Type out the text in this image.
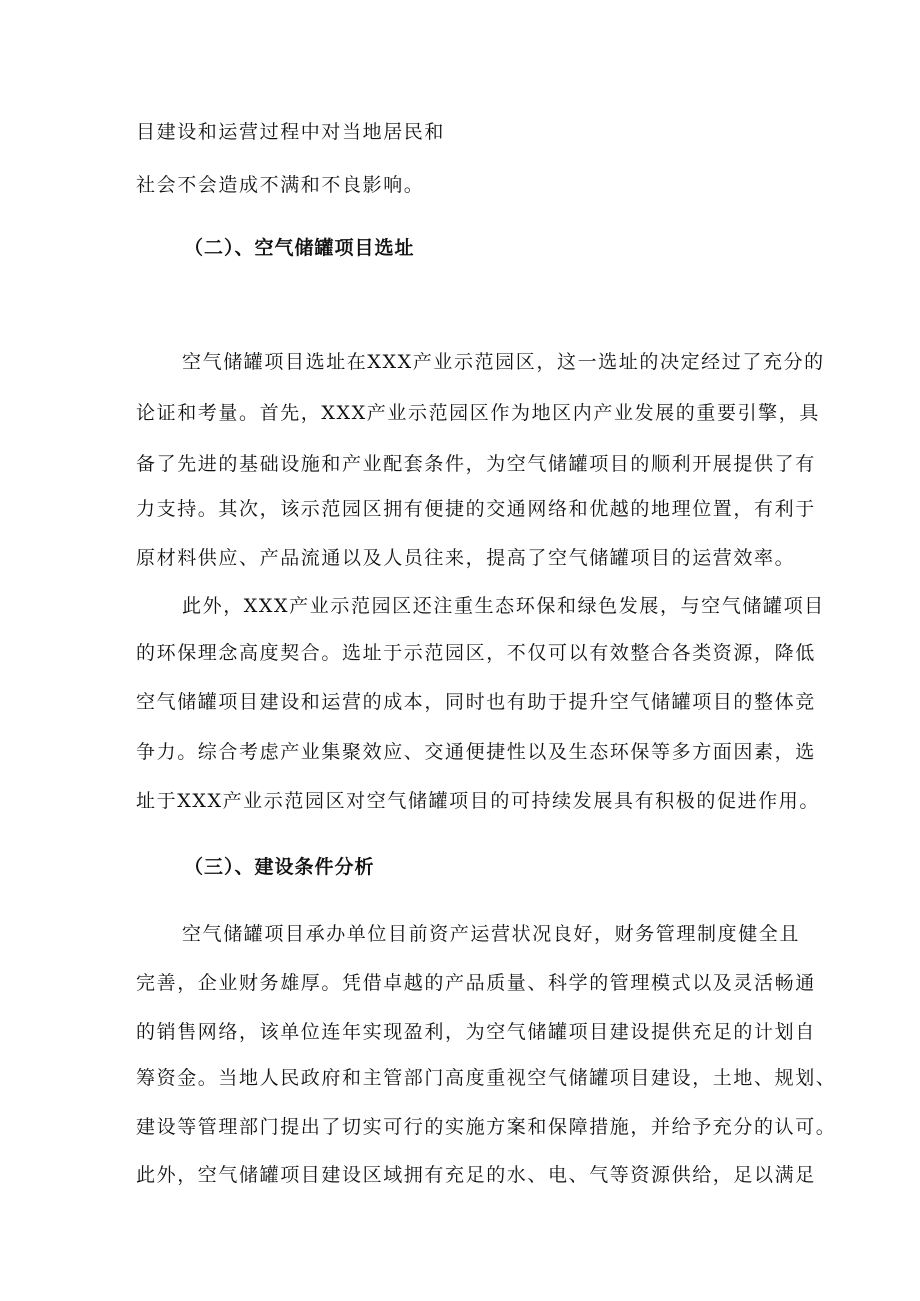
目建设和运营过程中对当地居民和
社会不会造成不满和不良影响。
（二）、空气储罐项目选址
空气储罐项目选址在XXX产业示范园区，这一选址的决定经过了充分的
论证和考量。首先，XXX产业示范园区作为地区内产业发展的重要引擎，具
备了先进的基础设施和产业配套条件，为空气储罐项目的顺利开展提供了有
力支持。其次，该示范园区拥有便捷的交通网络和优越的地理位置，有利于
原材料供应、产品流通以及人员往来，提高了空气储罐项目的运营效率。
此外，XXX产业示范园区还注重生态环保和绿色发展，与空气储罐项目
的环保理念高度契合。选址于示范园区，不仅可以有效整合各类资源，降低
空气储罐项目建设和运营的成本，同时也有助于提升空气储罐项目的整体竞
争力。综合考虑产业集聚效应、交通便捷性以及生态环保等多方面因素，选
址于XXX产业示范园区对空气储罐项目的可持续发展具有积极的促进作用。
（三）、建设条件分析
空气储罐项目承办单位目前资产运营状况良好，财务管理制度健全且
完善，企业财务雄厚。凭借卓越的产品质量、科学的管理模式以及灵活畅通
的销售网络，该单位连年实现盈利，为空气储罐项目建设提供充足的计划自
筹资金。当地人民政府和主管部门高度重视空气储罐项目建设，土地、规划、
建设等管理部门提出了切实可行的实施方案和保障措施，并给予充分的认可。
此外，空气储罐项目建设区域拥有充足的水、电、气等资源供给，足以满足
